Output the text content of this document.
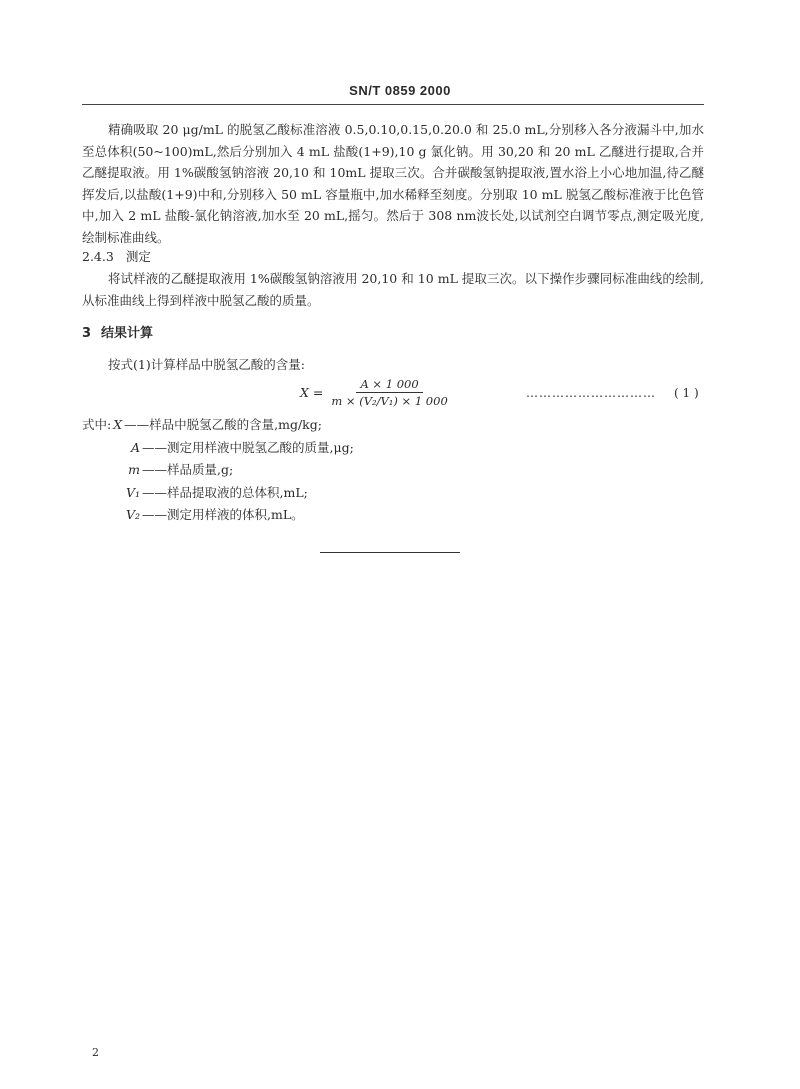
SN/T 0859 2000

精确吸取 20 μg/mL 的脱氢乙酸标准溶液 0.5,0.10,0.15,0.20.0 和 25.0 mL,分别移入各分液漏斗中,加水至总体积(50~100)mL,然后分别加入 4 mL 盐酸(1+9),10 g 氯化钠。用 30,20 和 20 mL 乙醚进行提取,合并乙醚提取液。用 1%碳酸氢钠溶液 20,10 和 10mL 提取三次。合并碳酸氢钠提取液,置水浴上小心地加温,待乙醚挥发后,以盐酸(1+9)中和,分别移入 50 mL 容量瓶中,加水稀释至刻度。分别取 10 mL 脱氢乙酸标准液于比色管中,加入 2 mL 盐酸-氯化钠溶液,加水至 20 mL,摇匀。然后于 308 nm波长处,以试剂空白调节零点,测定吸光度,绘制标准曲线。

2.4.3 测定

将试样液的乙醚提取液用 1%碳酸氢钠溶液用 20,10 和 10 mL 提取三次。以下操作步骤同标准曲线的绘制,从标准曲线上得到样液中脱氢乙酸的质量。

3 结果计算
按式(1)计算样品中脱氢乙酸的含量:
$X = \frac{A \times 1 000}{\text{m × (V₂/V₁) × 1 000}}$	………………………… ( 1 )
式中: X ——样品中脱氢乙酸的含量,mg/kg;
A ——测定用样液中脱氢乙酸的质量,μg;
m ——样品质量,g;
V₁ ——样品提取液的总体积,mL;
V₂ ——测定用样液的体积,mL。
2
